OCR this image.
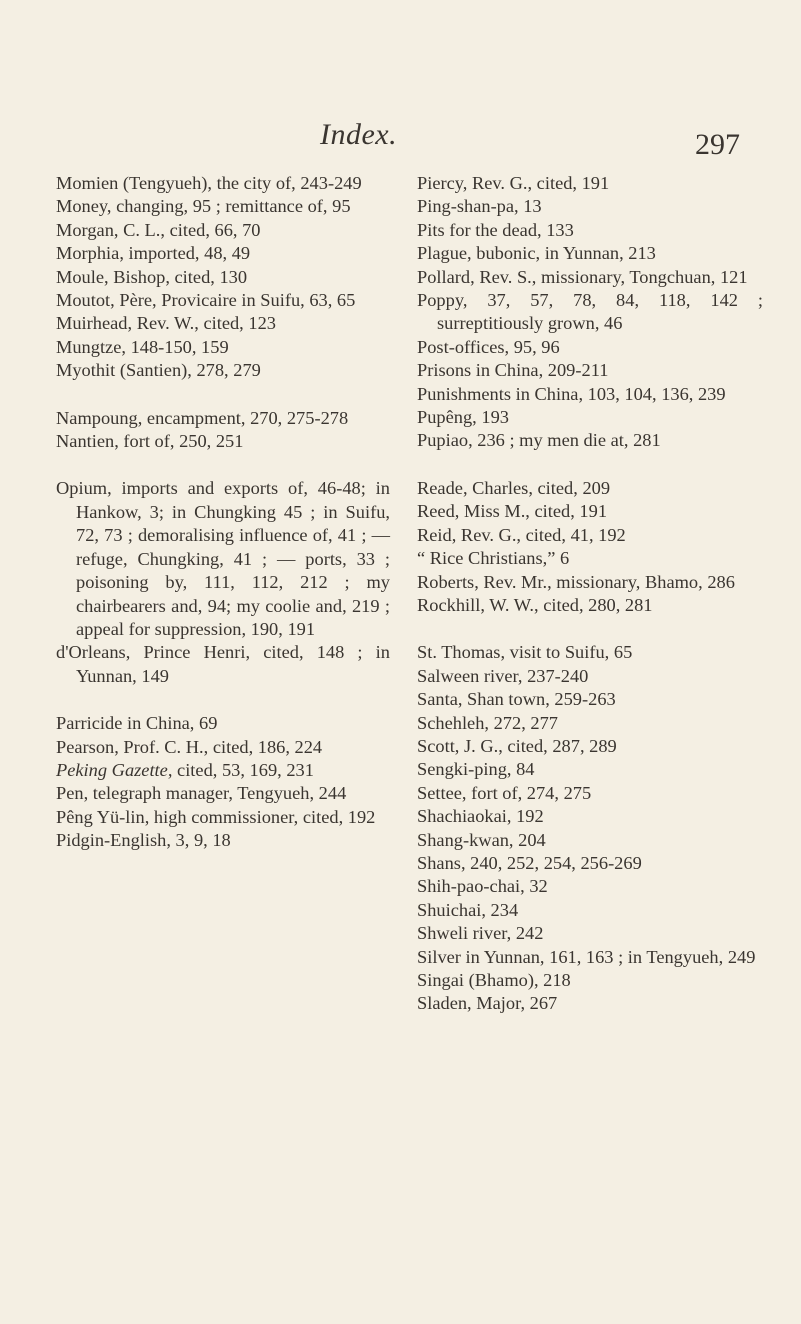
Index.	297

Momien (Tengyueh), the city of, 243-249

Money, changing, 95 ; remittance of, 95

Morgan, C. L., cited, 66, 70

Morphia, imported, 48, 49

Moule, Bishop, cited, 130

Moutot, Père, Provicaire in Suifu, 63, 65

Muirhead, Rev. W., cited, 123

Mungtze, 148-150, 159

Myothit (Santien), 278, 279

Nampoung, encampment, 270, 275-278

Nantien, fort of, 250, 251

Opium, imports and exports of, 46-48; in Hankow, 3; in Chungking 45 ; in Suifu, 72, 73 ; demoralising influence of, 41 ; — refuge, Chungking, 41 ; — ports, 33 ; poisoning by, 111, 112, 212 ; my chairbearers and, 94; my coolie and, 219 ; appeal for suppression, 190, 191

d'Orleans, Prince Henri, cited, 148 ; in Yunnan, 149

Parricide in China, 69

Pearson, Prof. C. H., cited, 186, 224

Peking Gazette, cited, 53, 169, 231

Pen, telegraph manager, Tengyueh, 244

Pêng Yü-lin, high commissioner, cited, 192

Pidgin-English, 3, 9, 18

Piercy, Rev. G., cited, 191

Ping-shan-pa, 13

Pits for the dead, 133

Plague, bubonic, in Yunnan, 213

Pollard, Rev. S., missionary, Tongchuan, 121

Poppy, 37, 57, 78, 84, 118, 142 ; surreptitiously grown, 46

Post-offices, 95, 96

Prisons in China, 209-211

Punishments in China, 103, 104, 136, 239

Pupêng, 193

Pupiao, 236 ; my men die at, 281

Reade, Charles, cited, 209

Reed, Miss M., cited, 191

Reid, Rev. G., cited, 41, 192

“ Rice Christians,” 6

Roberts, Rev. Mr., missionary, Bhamo, 286

Rockhill, W. W., cited, 280, 281

St. Thomas, visit to Suifu, 65

Salween river, 237-240

Santa, Shan town, 259-263

Schehleh, 272, 277

Scott, J. G., cited, 287, 289

Sengki-ping, 84

Settee, fort of, 274, 275

Shachiaokai, 192

Shang-kwan, 204

Shans, 240, 252, 254, 256-269

Shih-pao-chai, 32

Shuichai, 234

Shweli river, 242

Silver in Yunnan, 161, 163 ; in Tengyueh, 249

Singai (Bhamo), 218

Sladen, Major, 267
